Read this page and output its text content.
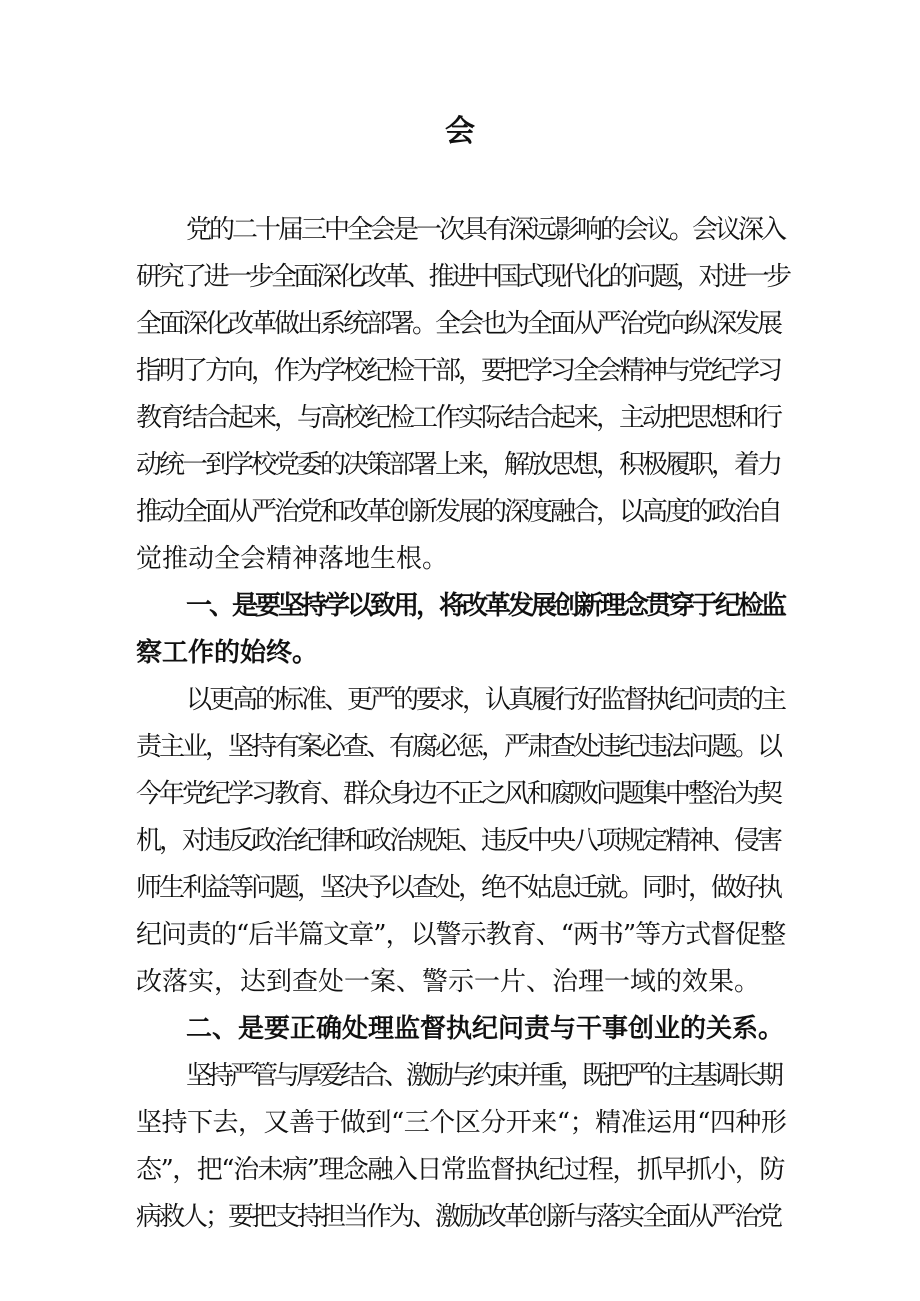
会
党的二十届三中全会是一次具有深远影响的会议。会议深入
研究了进一步全面深化改革、推进中国式现代化的问题，对进一步
全面深化改革做出系统部署。全会也为全面从严治党向纵深发展
指明了方向，作为学校纪检干部，要把学习全会精神与党纪学习
教育结合起来，与高校纪检工作实际结合起来，主动把思想和行
动统一到学校党委的决策部署上来，解放思想，积极履职，着力
推动全面从严治党和改革创新发展的深度融合，以高度的政治自
觉推动全会精神落地生根。
一、是要坚持学以致用，将改革发展创新理念贯穿于纪检监
察工作的始终。
以更高的标准、更严的要求，认真履行好监督执纪问责的主
责主业，坚持有案必查、有腐必惩，严肃查处违纪违法问题。以
今年党纪学习教育、群众身边不正之风和腐败问题集中整治为契
机，对违反政治纪律和政治规矩、违反中央八项规定精神、侵害
师生利益等问题，坚决予以查处，绝不姑息迁就。同时，做好执
纪问责的“后半篇文章”，以警示教育、“两书”等方式督促整
改落实，达到查处一案、警示一片、治理一域的效果。
二、是要正确处理监督执纪问责与干事创业的关系。
坚持严管与厚爱结合、激励与约束并重，既把严的主基调长期
坚持下去，又善于做到“三个区分开来“；精准运用“四种形
态”，把“治未病”理念融入日常监督执纪过程，抓早抓小，防
病救人；要把支持担当作为、激励改革创新与落实全面从严治党
